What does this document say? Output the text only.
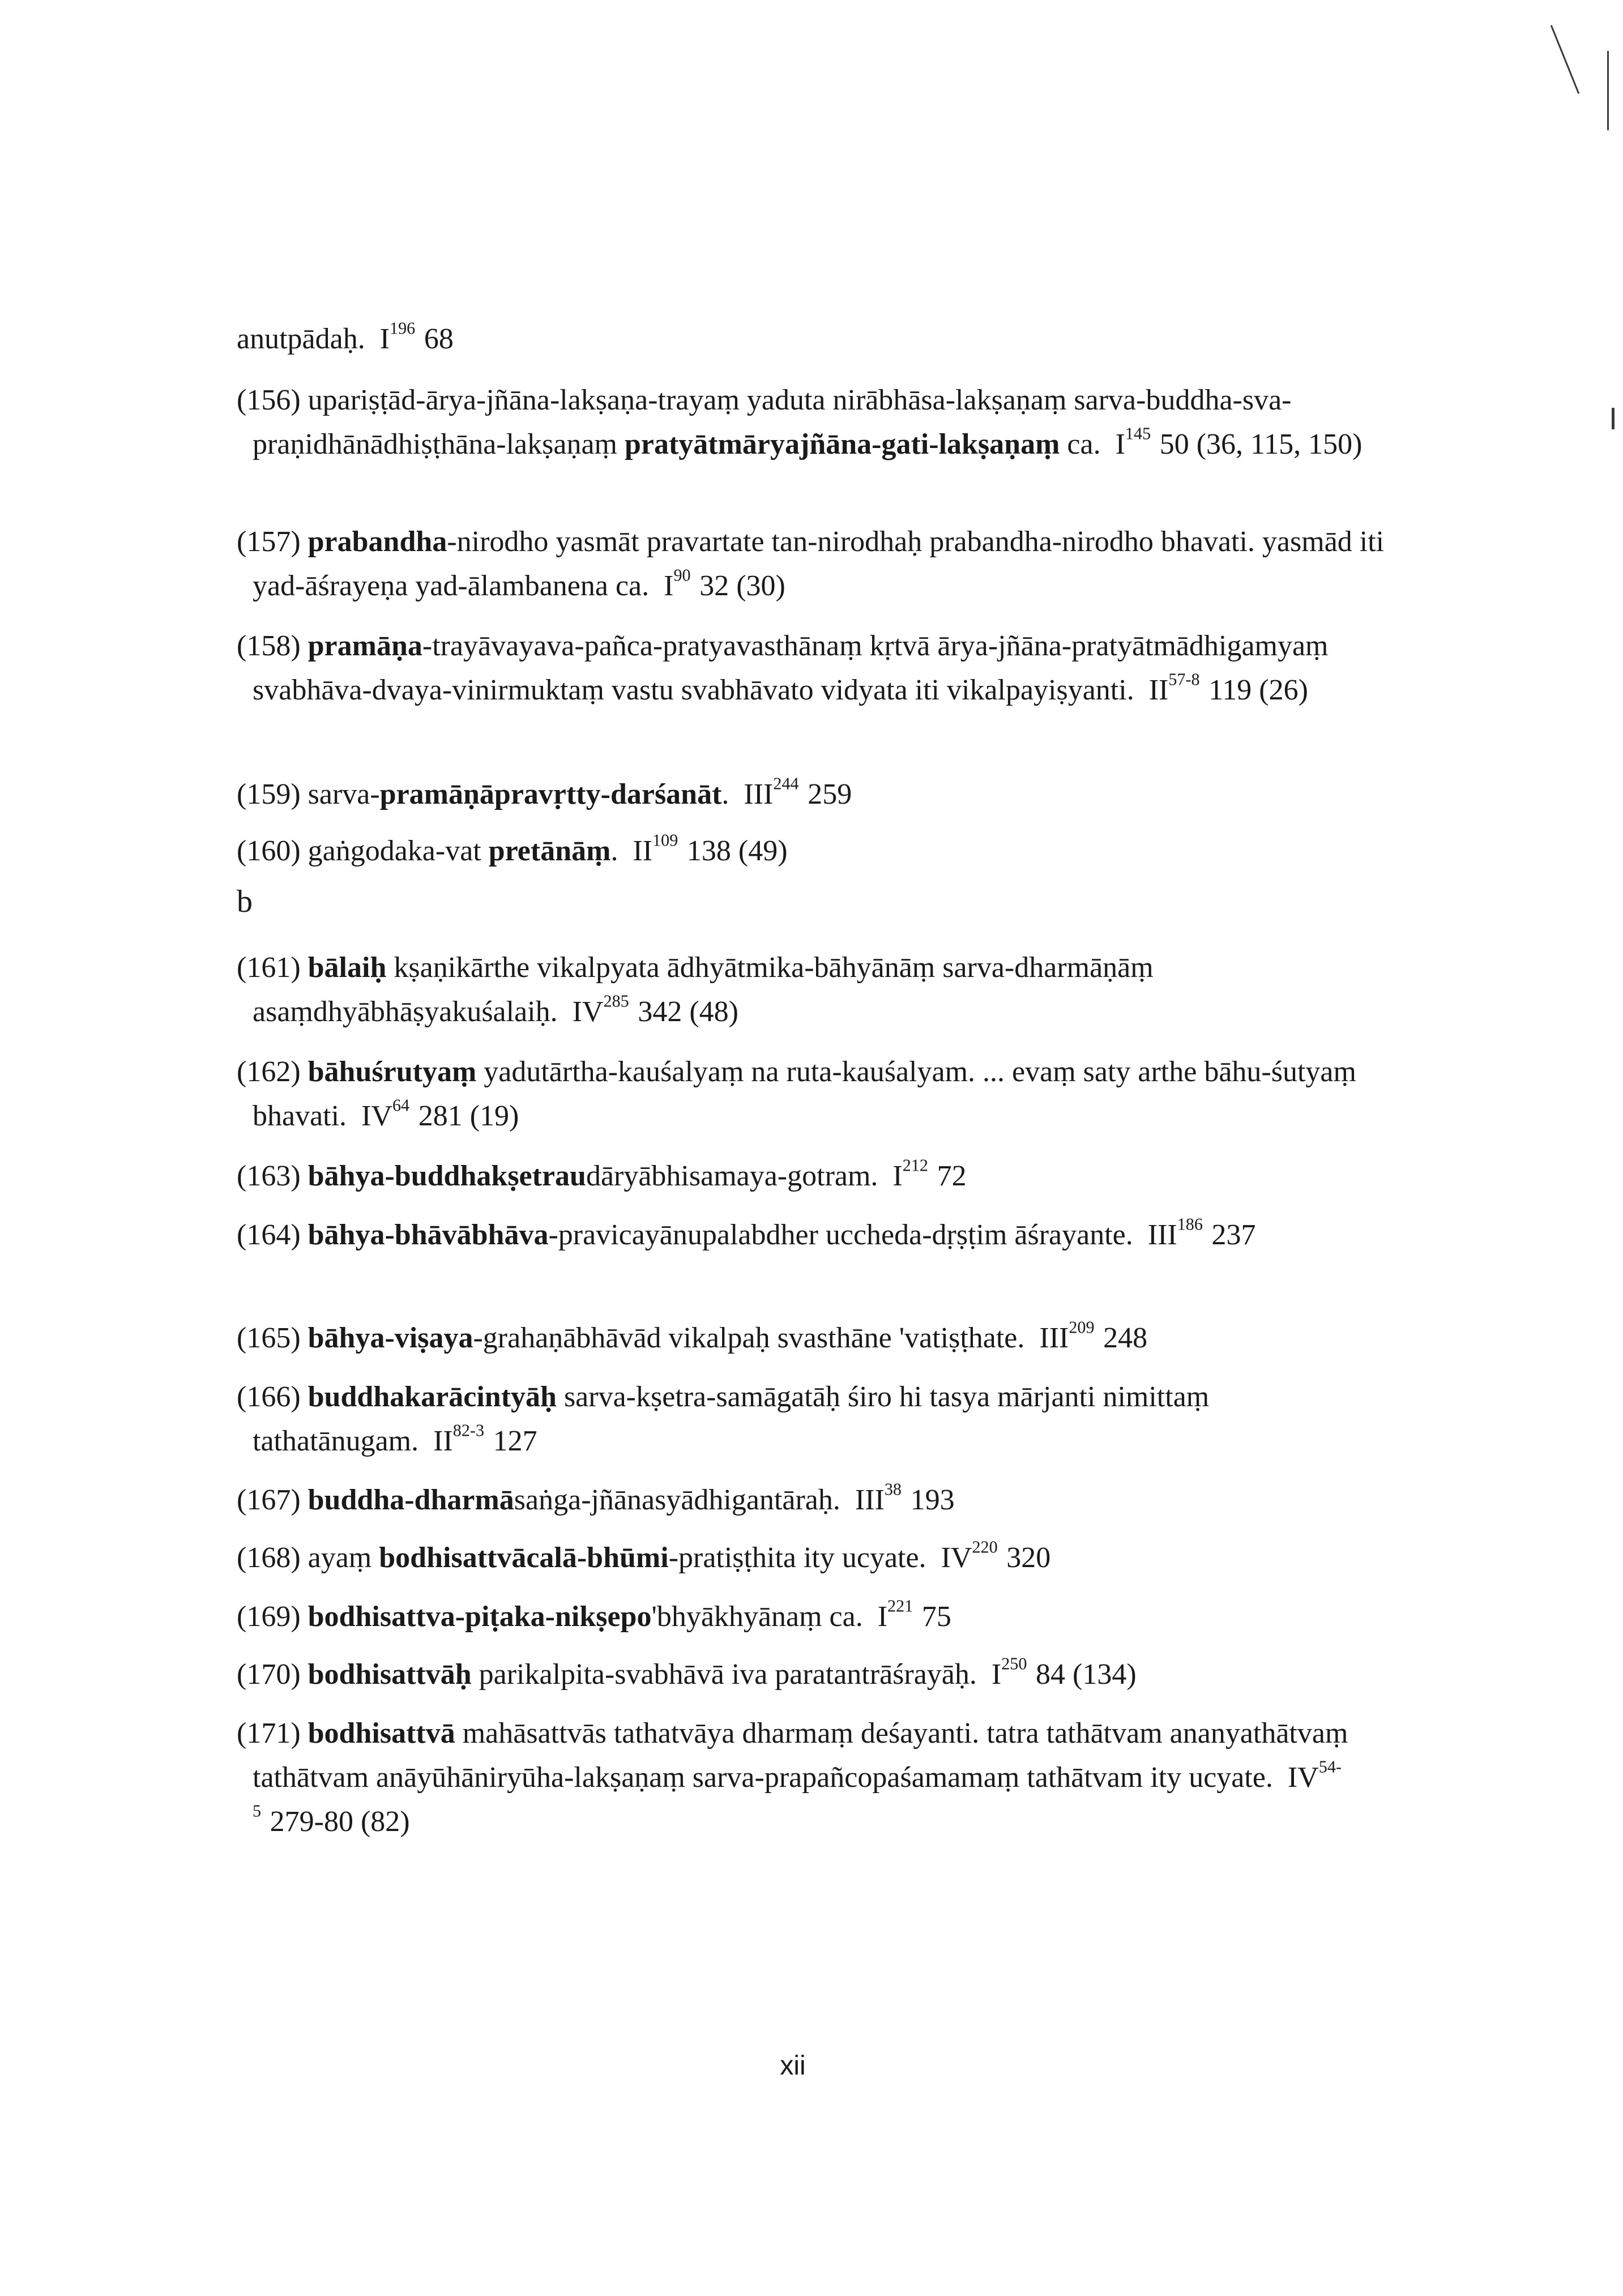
anutpādaḥ. $I^{196}$ 68

(156) upariṣṭād-ārya-jñāna-lakṣaṇa-trayaṃ yaduta nirābhāsa-lakṣaṇaṃ sarva-buddha-sva-praṇidhānādhiṣṭhāna-lakṣaṇaṃ pratyātmāryajñāna-gati-lakṣaṇaṃ ca. $I^{145}$ 50 (36, 115, 150)

(157) prabandha-nirodho yasmāt pravartate tan-nirodhaḥ prabandha-nirodho bhavati. yasmād iti yad-āśrayeṇa yad-ālambanena ca. $I^{90}$ 32 (30)

(158) pramāṇa-trayāvayava-pañca-pratyavasthānaṃ kṛtvā ārya-jñāna-pratyātmādhigamyaṃ svabhāva-dvaya-vinirmuktaṃ vastu svabhāvato vidyata iti vikalpayiṣyanti. II$^{57-8}$ 119 (26)

(159) sarva-pramāṇāpravṛtty-darśanāt. III$^{244}$ 259

(160) gaṅgodaka-vat pretānāṃ. II$^{109}$ 138 (49)

b

(161) bālaiḥ kṣaṇikārthe vikalpyata ādhyātmika-bāhyānāṃ sarva-dharmāṇāṃ asaṃdhyābhāṣyakuśalaiḥ. IV$^{285}$ 342 (48)

(162) bāhuśrutyaṃ yadutārtha-kauśalyaṃ na ruta-kauśalyam. ... evaṃ saty arthe bāhu-śutyaṃ bhavati. IV$^{64}$ 281 (19)

(163) bāhya-buddhakṣetraudāryābhisamaya-gotram. $I^{212}$ 72

(164) bāhya-bhāvābhāva-pravicayānupalabdher uccheda-dṛṣṭim āśrayante. III$^{186}$ 237

(165) bāhya-viṣaya-grahaṇābhāvād vikalpaḥ svasthāne 'vatiṣṭhate. III$^{209}$ 248

(166) buddhakarācintyāḥ sarva-kṣetra-samāgatāḥ śiro hi tasya mārjanti nimittaṃ tathatānugam. II$^{82-3}$ 127

(167) buddha-dharmāsaṅga-jñānasyādhigantāraḥ. III$^{38}$ 193

(168) ayaṃ bodhisattvācalā-bhūmi-pratiṣṭhita ity ucyate. IV$^{220}$ 320

(169) bodhisattva-piṭaka-nikṣepo'bhyākhyānaṃ ca. $I^{221}$ 75

(170) bodhisattvāḥ parikalpita-svabhāvā iva paratantrāśrayāḥ. $I^{250}$ 84 (134)

(171) bodhisattvā mahāsattvās tathatvāya dharmaṃ deśayanti. tatra tathātvam ananyathātvaṃ tathātvam anāyūhāniryūha-lakṣaṇaṃ sarva-prapañcopaśamamaṃ tathātvam ity ucyate. IV$^{54-5}$ 279-80 (82)

xii
